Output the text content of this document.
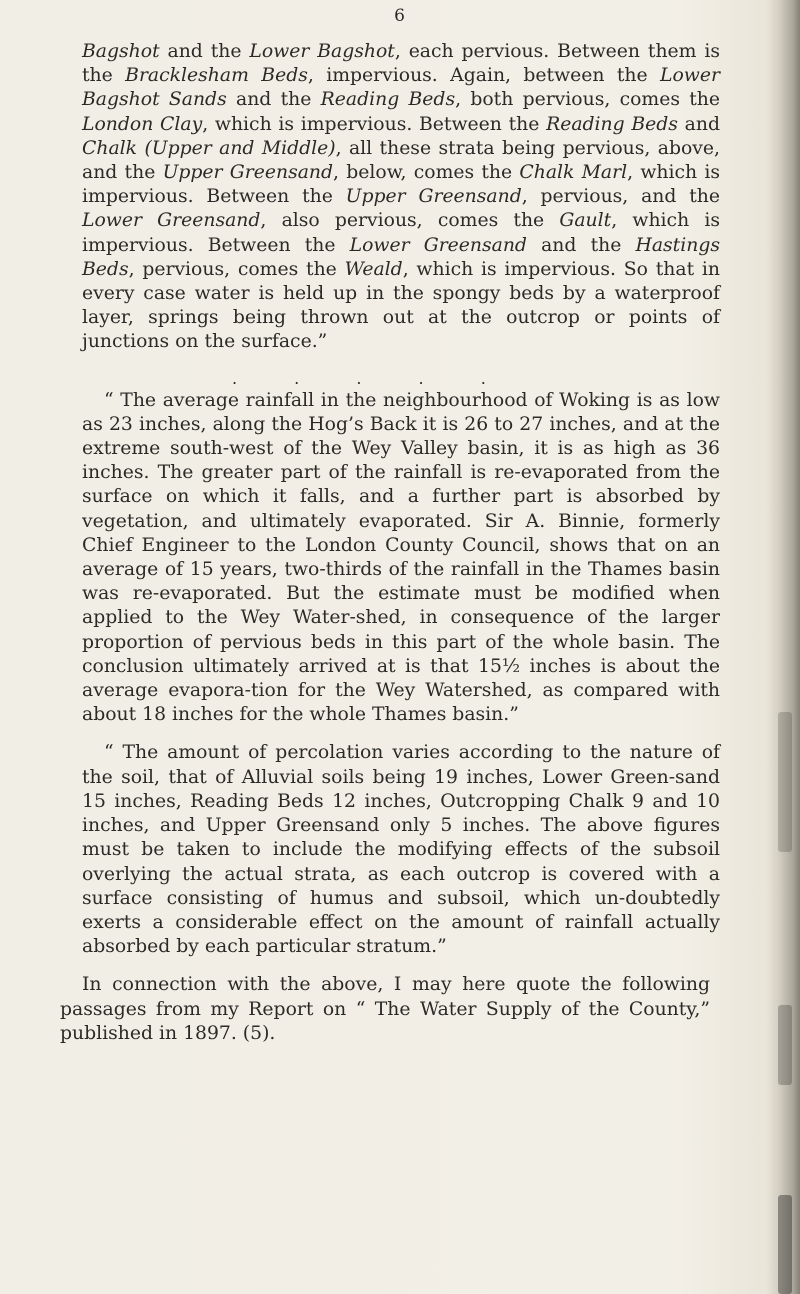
6

Bagshot and the Lower Bagshot, each pervious. Between them is the Bracklesham Beds, impervious. Again, between the Lower Bagshot Sands and the Reading Beds, both pervious, comes the London Clay, which is impervious. Between the Reading Beds and Chalk (Upper and Middle), all these strata being pervious, above, and the Upper Greensand, below, comes the Chalk Marl, which is impervious. Between the Upper Greensand, pervious, and the Lower Greensand, also pervious, comes the Gault, which is impervious. Between the Lower Greensand and the Hastings Beds, pervious, comes the Weald, which is impervious. So that in every case water is held up in the spongy beds by a waterproof layer, springs being thrown out at the outcrop or points of junctions on the surface.”

. . . . .

“ The average rainfall in the neighbourhood of Woking is as low as 23 inches, along the Hog’s Back it is 26 to 27 inches, and at the extreme south-west of the Wey Valley basin, it is as high as 36 inches. The greater part of the rainfall is re-evaporated from the surface on which it falls, and a further part is absorbed by vegetation, and ultimately evaporated. Sir A. Binnie, formerly Chief Engineer to the London County Council, shows that on an average of 15 years, two-thirds of the rainfall in the Thames basin was re-evaporated. But the estimate must be modified when applied to the Wey Water-shed, in consequence of the larger proportion of pervious beds in this part of the whole basin. The conclusion ultimately arrived at is that 15½ inches is about the average evapora-tion for the Wey Watershed, as compared with about 18 inches for the whole Thames basin.”

“ The amount of percolation varies according to the nature of the soil, that of Alluvial soils being 19 inches, Lower Green-sand 15 inches, Reading Beds 12 inches, Outcropping Chalk 9 and 10 inches, and Upper Greensand only 5 inches. The above figures must be taken to include the modifying effects of the subsoil overlying the actual strata, as each outcrop is covered with a surface consisting of humus and subsoil, which un-doubtedly exerts a considerable effect on the amount of rainfall actually absorbed by each particular stratum.”

In connection with the above, I may here quote the following passages from my Report on “ The Water Supply of the County,” published in 1897. (5).
